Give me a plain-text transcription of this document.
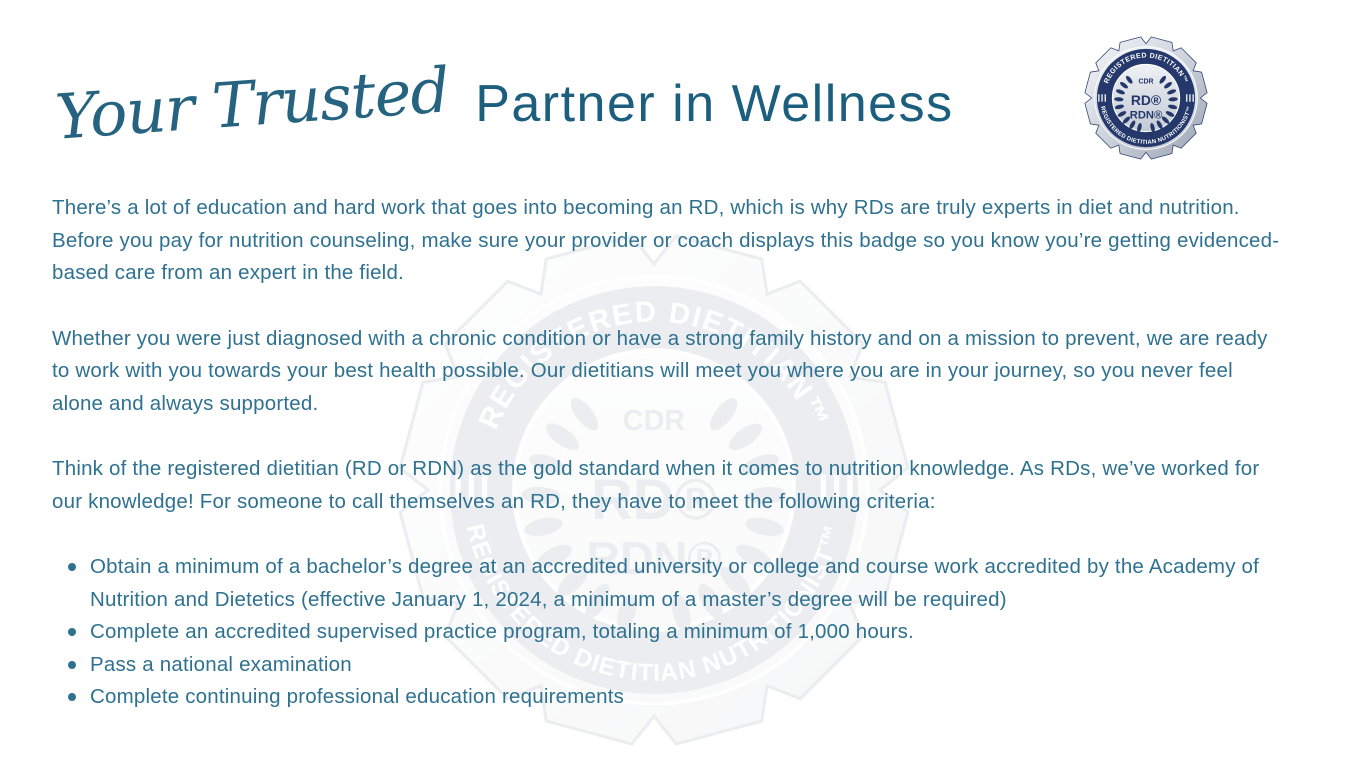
Your Trusted Partner in Wellness

There’s a lot of education and hard work that goes into becoming an RD, which is why RDs are truly experts in diet and nutrition. Before you pay for nutrition counseling, make sure your provider or coach displays this badge so you know you’re getting evidenced-based care from an expert in the field.

Whether you were just diagnosed with a chronic condition or have a strong family history and on a mission to prevent, we are ready to work with you towards your best health possible. Our dietitians will meet you where you are in your journey, so you never feel alone and always supported.

Think of the registered dietitian (RD or RDN) as the gold standard when it comes to nutrition knowledge. As RDs, we’ve worked for our knowledge! For someone to call themselves an RD, they have to meet the following criteria:

Obtain a minimum of a bachelor’s degree at an accredited university or college and course work accredited by the Academy of Nutrition and Dietetics (effective January 1, 2024, a minimum of a master’s degree will be required)
Complete an accredited supervised practice program, totaling a minimum of 1,000 hours.
Pass a national examination
Complete continuing professional education requirements
